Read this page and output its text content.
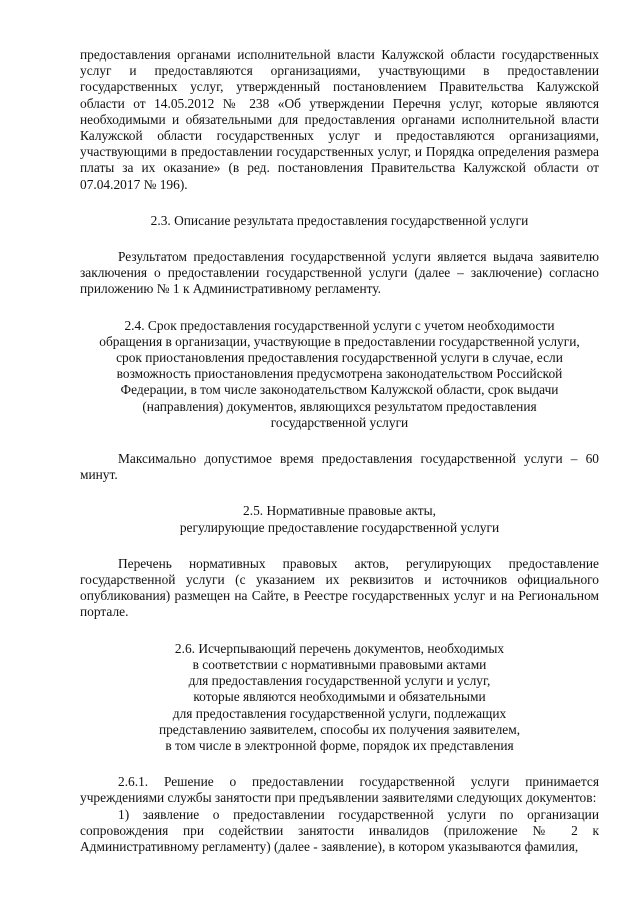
предоставления органами исполнительной власти Калужской области государственных услуг и предоставляются организациями, участвующими в предоставлении государственных услуг, утвержденный постановлением Правительства Калужской области от 14.05.2012 № 238 «Об утверждении Перечня услуг, которые являются необходимыми и обязательными для предоставления органами исполнительной власти Калужской области государственных услуг и предоставляются организациями, участвующими в предоставлении государственных услуг, и Порядка определения размера платы за их оказание» (в ред. постановления Правительства Калужской области от 07.04.2017 № 196).

2.3. Описание результата предоставления государственной услуги

Результатом предоставления государственной услуги является выдача заявителю заключения о предоставлении государственной услуги (далее – заключение) согласно приложению № 1 к Административному регламенту.

2.4. Срок предоставления государственной услуги с учетом необходимости

обращения в организации, участвующие в предоставлении государственной услуги,

срок приостановления предоставления государственной услуги в случае, если

возможность приостановления предусмотрена законодательством Российской

Федерации, в том числе законодательством Калужской области, срок выдачи

(направления) документов, являющихся результатом предоставления

государственной услуги

Максимально допустимое время предоставления государственной услуги – 60 минут.

2.5. Нормативные правовые акты,

регулирующие предоставление государственной услуги

Перечень нормативных правовых актов, регулирующих предоставление государственной услуги (с указанием их реквизитов и источников официального опубликования) размещен на Сайте, в Реестре государственных услуг и на Региональном портале.

2.6. Исчерпывающий перечень документов, необходимых

в соответствии с нормативными правовыми актами

для предоставления государственной услуги и услуг,

которые являются необходимыми и обязательными

для предоставления государственной услуги, подлежащих

представлению заявителем, способы их получения заявителем,

в том числе в электронной форме, порядок их представления

2.6.1. Решение о предоставлении государственной услуги принимается учреждениями службы занятости при предъявлении заявителями следующих документов:

1) заявление о предоставлении государственной услуги по организации сопровождения при содействии занятости инвалидов (приложение № 2 к Административному регламенту) (далее - заявление), в котором указываются фамилия,
